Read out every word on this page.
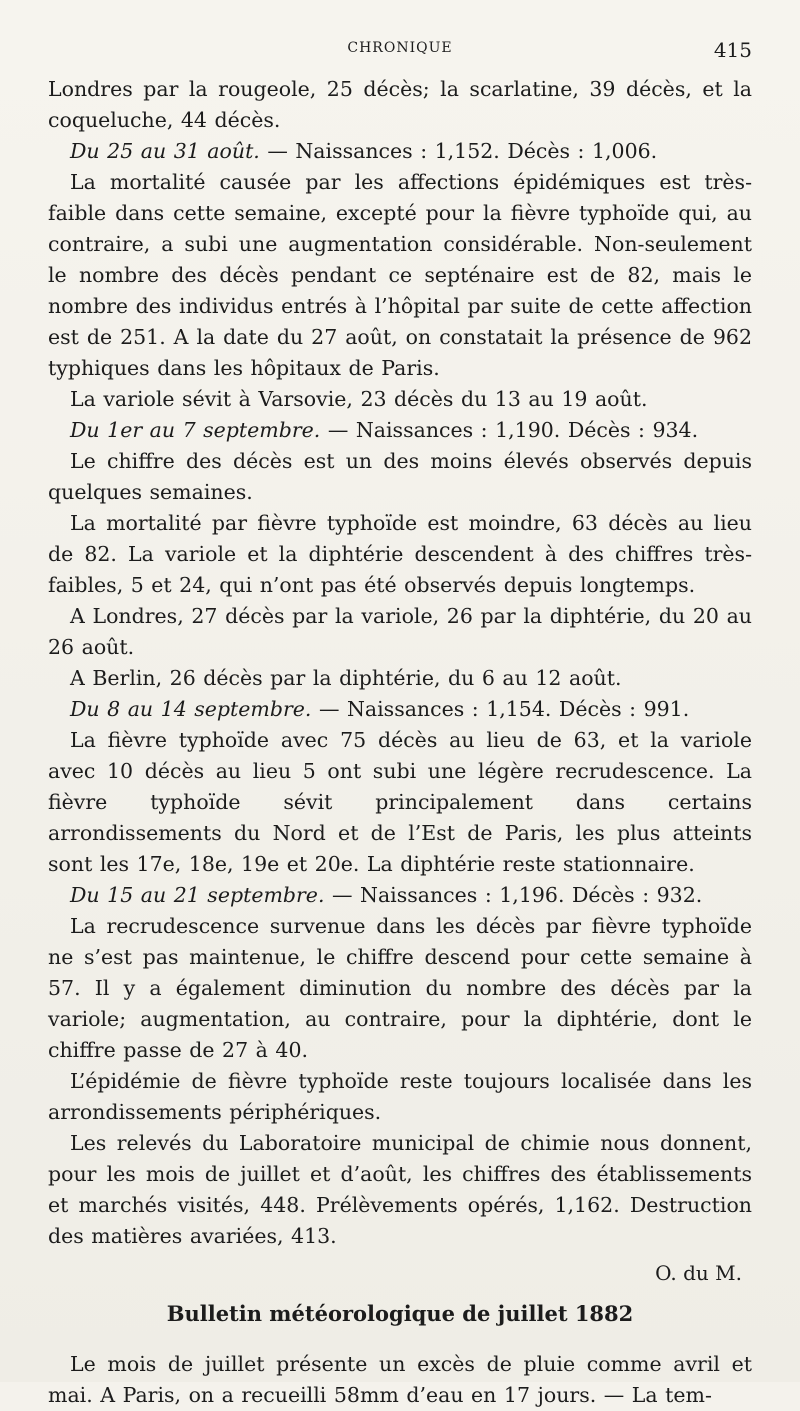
CHRONIQUE	415

Londres par la rougeole, 25 décès; la scarlatine, 39 décès, et la coqueluche, 44 décès.

Du 25 au 31 août. — Naissances : 1,152. Décès : 1,006.

La mortalité causée par les affections épidémiques est très-faible dans cette semaine, excepté pour la fièvre typhoïde qui, au contraire, a subi une augmentation considérable. Non-seulement le nombre des décès pendant ce septénaire est de 82, mais le nombre des individus entrés à l’hôpital par suite de cette affection est de 251. A la date du 27 août, on constatait la présence de 962 typhiques dans les hôpitaux de Paris.

La variole sévit à Varsovie, 23 décès du 13 au 19 août.

Du 1er au 7 septembre. — Naissances : 1,190. Décès : 934.

Le chiffre des décès est un des moins élevés observés depuis quelques semaines.

La mortalité par fièvre typhoïde est moindre, 63 décès au lieu de 82. La variole et la diphtérie descendent à des chiffres très-faibles, 5 et 24, qui n’ont pas été observés depuis longtemps.

A Londres, 27 décès par la variole, 26 par la diphtérie, du 20 au 26 août.

A Berlin, 26 décès par la diphtérie, du 6 au 12 août.

Du 8 au 14 septembre. — Naissances : 1,154. Décès : 991.

La fièvre typhoïde avec 75 décès au lieu de 63, et la variole avec 10 décès au lieu 5 ont subi une légère recrudescence. La fièvre typhoïde sévit principalement dans certains arrondissements du Nord et de l’Est de Paris, les plus atteints sont les 17e, 18e, 19e et 20e. La diphtérie reste stationnaire.

Du 15 au 21 septembre. — Naissances : 1,196. Décès : 932.

La recrudescence survenue dans les décès par fièvre typhoïde ne s’est pas maintenue, le chiffre descend pour cette semaine à 57. Il y a également diminution du nombre des décès par la variole; augmentation, au contraire, pour la diphtérie, dont le chiffre passe de 27 à 40.

L’épidémie de fièvre typhoïde reste toujours localisée dans les arrondissements périphériques.

Les relevés du Laboratoire municipal de chimie nous donnent, pour les mois de juillet et d’août, les chiffres des établissements et marchés visités, 448. Prélèvements opérés, 1,162. Destruction des matières avariées, 413.

O. du M.
Bulletin météorologique de juillet 1882

Le mois de juillet présente un excès de pluie comme avril et mai. A Paris, on a recueilli 58mm d’eau en 17 jours. — La tem-
